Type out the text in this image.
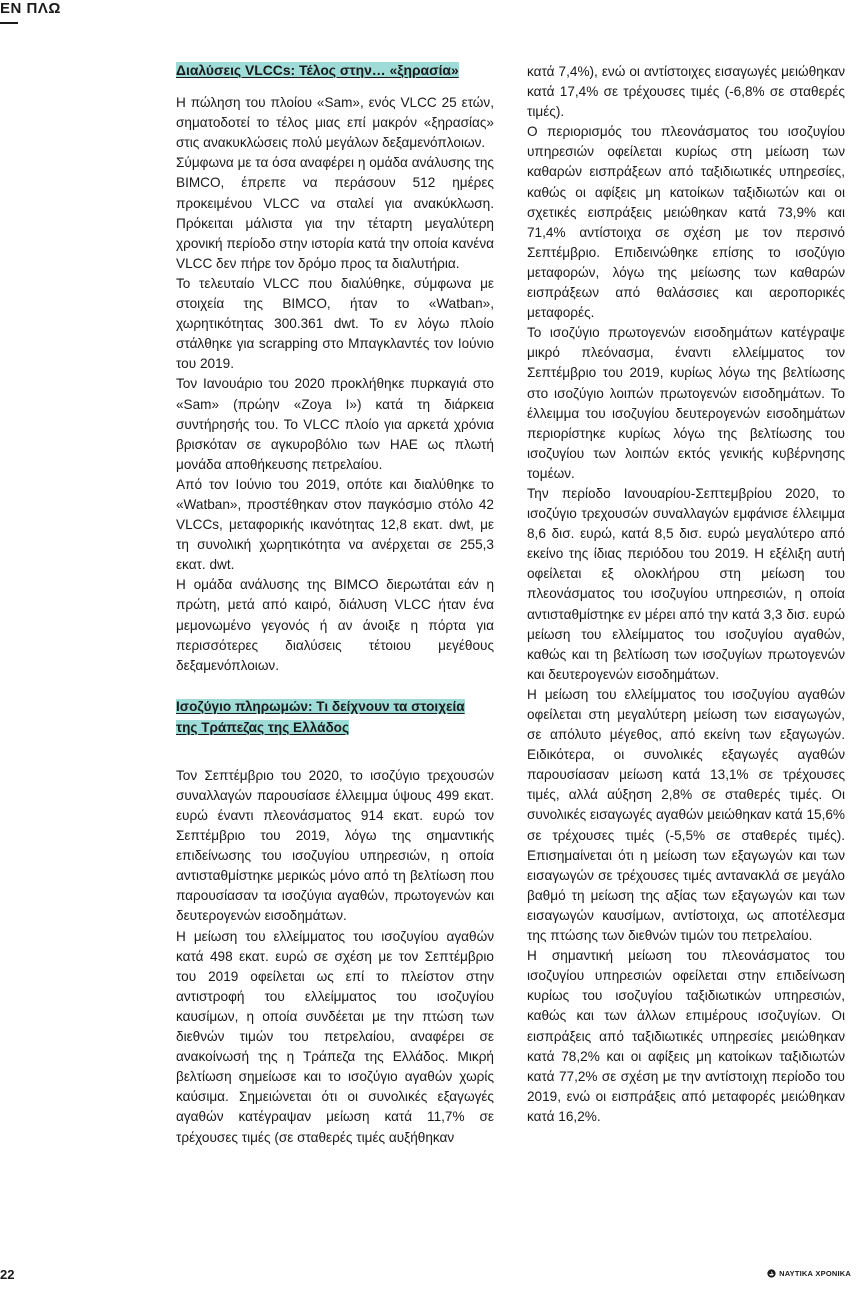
ΕΝ ΠΛΩ
Διαλύσεις VLCCs: Τέλος στην… «ξηρασία»

Η πώληση του πλοίου «Sam», ενός VLCC 25 ετών, σηματοδοτεί το τέλος μιας επί μακρόν «ξηρασίας» στις ανακυκλώσεις πολύ μεγάλων δεξαμενόπλοιων.

Σύμφωνα με τα όσα αναφέρει η ομάδα ανάλυσης της BIMCO, έπρεπε να περάσουν 512 ημέρες προκειμένου VLCC να σταλεί για ανακύκλωση. Πρόκειται μάλιστα για την τέταρτη μεγαλύτερη χρονική περίοδο στην ιστορία κατά την οποία κανένα VLCC δεν πήρε τον δρόμο προς τα διαλυτήρια.

Το τελευταίο VLCC που διαλύθηκε, σύμφωνα με στοιχεία της BIMCO, ήταν το «Watban», χωρητικότητας 300.361 dwt. Το εν λόγω πλοίο στάλθηκε για scrapping στο Μπαγκλαντές τον Ιούνιο του 2019.

Τον Ιανουάριο του 2020 προκλήθηκε πυρκαγιά στο «Sam» (πρώην «Zoya I») κατά τη διάρκεια συντήρησής του. Το VLCC πλοίο για αρκετά χρόνια βρισκόταν σε αγκυροβόλιο των ΗΑΕ ως πλωτή μονάδα αποθήκευσης πετρελαίου.

Από τον Ιούνιο του 2019, οπότε και διαλύθηκε το «Watban», προστέθηκαν στον παγκόσμιο στόλο 42 VLCCs, μεταφορικής ικανότητας 12,8 εκατ. dwt, με τη συνολική χωρητικότητα να ανέρχεται σε 255,3 εκατ. dwt.

Η ομάδα ανάλυσης της BIMCO διερωτάται εάν η πρώτη, μετά από καιρό, διάλυση VLCC ήταν ένα μεμονωμένο γεγονός ή αν άνοιξε η πόρτα για περισσότερες διαλύσεις τέτοιου μεγέθους δεξαμενόπλοιων.

Ισοζύγιο πληρωμών: Τι δείχνουν τα στοιχεία
της Τράπεζας της Ελλάδος

Τον Σεπτέμβριο του 2020, το ισοζύγιο τρεχουσών συναλλαγών παρουσίασε έλλειμμα ύψους 499 εκατ. ευρώ έναντι πλεονάσματος 914 εκατ. ευρώ τον Σεπτέμβριο του 2019, λόγω της σημαντικής επιδείνωσης του ισοζυγίου υπηρεσιών, η οποία αντισταθμίστηκε μερικώς μόνο από τη βελτίωση που παρουσίασαν τα ισοζύγια αγαθών, πρωτογενών και δευτερογενών εισοδημάτων.

Η μείωση του ελλείμματος του ισοζυγίου αγαθών κατά 498 εκατ. ευρώ σε σχέση με τον Σεπτέμβριο του 2019 οφείλεται ως επί το πλείστον στην αντιστροφή του ελλείμματος του ισοζυγίου καυσίμων, η οποία συνδέεται με την πτώση των διεθνών τιμών του πετρελαίου, αναφέρει σε ανακοίνωσή της η Τράπεζα της Ελλάδος. Μικρή βελτίωση σημείωσε και το ισοζύγιο αγαθών χωρίς καύσιμα. Σημειώνεται ότι οι συνολικές εξαγωγές αγαθών κατέγραψαν μείωση κατά 11,7% σε τρέχουσες τιμές (σε σταθερές τιμές αυξήθηκαν

κατά 7,4%), ενώ οι αντίστοιχες εισαγωγές μειώθηκαν κατά 17,4% σε τρέχουσες τιμές (-6,8% σε σταθερές τιμές).

Ο περιορισμός του πλεονάσματος του ισοζυγίου υπηρεσιών οφείλεται κυρίως στη μείωση των καθαρών εισπράξεων από ταξιδιωτικές υπηρεσίες, καθώς οι αφίξεις μη κατοίκων ταξιδιωτών και οι σχετικές εισπράξεις μειώθηκαν κατά 73,9% και 71,4% αντίστοιχα σε σχέση με τον περσινό Σεπτέμβριο. Επιδεινώθηκε επίσης το ισοζύγιο μεταφορών, λόγω της μείωσης των καθαρών εισπράξεων από θαλάσσιες και αεροπορικές μεταφορές.

Το ισοζύγιο πρωτογενών εισοδημάτων κατέγραψε μικρό πλεόνασμα, έναντι ελλείμματος τον Σεπτέμβριο του 2019, κυρίως λόγω της βελτίωσης στο ισοζύγιο λοιπών πρωτογενών εισοδημάτων. Το έλλειμμα του ισοζυγίου δευτερογενών εισοδημάτων περιορίστηκε κυρίως λόγω της βελτίωσης του ισοζυγίου των λοιπών εκτός γενικής κυβέρνησης τομέων.

Την περίοδο Ιανουαρίου-Σεπτεμβρίου 2020, το ισοζύγιο τρεχουσών συναλλαγών εμφάνισε έλλειμμα 8,6 δισ. ευρώ, κατά 8,5 δισ. ευρώ μεγαλύτερο από εκείνο της ίδιας περιόδου του 2019. Η εξέλιξη αυτή οφείλεται εξ ολοκλήρου στη μείωση του πλεονάσματος του ισοζυγίου υπηρεσιών, η οποία αντισταθμίστηκε εν μέρει από την κατά 3,3 δισ. ευρώ μείωση του ελλείμματος του ισοζυγίου αγαθών, καθώς και τη βελτίωση των ισοζυγίων πρωτογενών και δευτερογενών εισοδημάτων.

Η μείωση του ελλείμματος του ισοζυγίου αγαθών οφείλεται στη μεγαλύτερη μείωση των εισαγωγών, σε απόλυτο μέγεθος, από εκείνη των εξαγωγών. Ειδικότερα, οι συνολικές εξαγωγές αγαθών παρουσίασαν μείωση κατά 13,1% σε τρέχουσες τιμές, αλλά αύξηση 2,8% σε σταθερές τιμές. Οι συνολικές εισαγωγές αγαθών μειώθηκαν κατά 15,6% σε τρέχουσες τιμές (-5,5% σε σταθερές τιμές). Επισημαίνεται ότι η μείωση των εξαγωγών και των εισαγωγών σε τρέχουσες τιμές αντανακλά σε μεγάλο βαθμό τη μείωση της αξίας των εξαγωγών και των εισαγωγών καυσίμων, αντίστοιχα, ως αποτέλεσμα της πτώσης των διεθνών τιμών του πετρελαίου.

Η σημαντική μείωση του πλεονάσματος του ισοζυγίου υπηρεσιών οφείλεται στην επιδείνωση κυρίως του ισοζυγίου ταξιδιωτικών υπηρεσιών, καθώς και των άλλων επιμέρους ισοζυγίων. Οι εισπράξεις από ταξιδιωτικές υπηρεσίες μειώθηκαν κατά 78,2% και οι αφίξεις μη κατοίκων ταξιδιωτών κατά 77,2% σε σχέση με την αντίστοιχη περίοδο του 2019, ενώ οι εισπράξεις από μεταφορές μειώθηκαν κατά 16,2%.

22	ΝΑΥΤΙΚΑ ΧΡΟΝΙΚΑ
